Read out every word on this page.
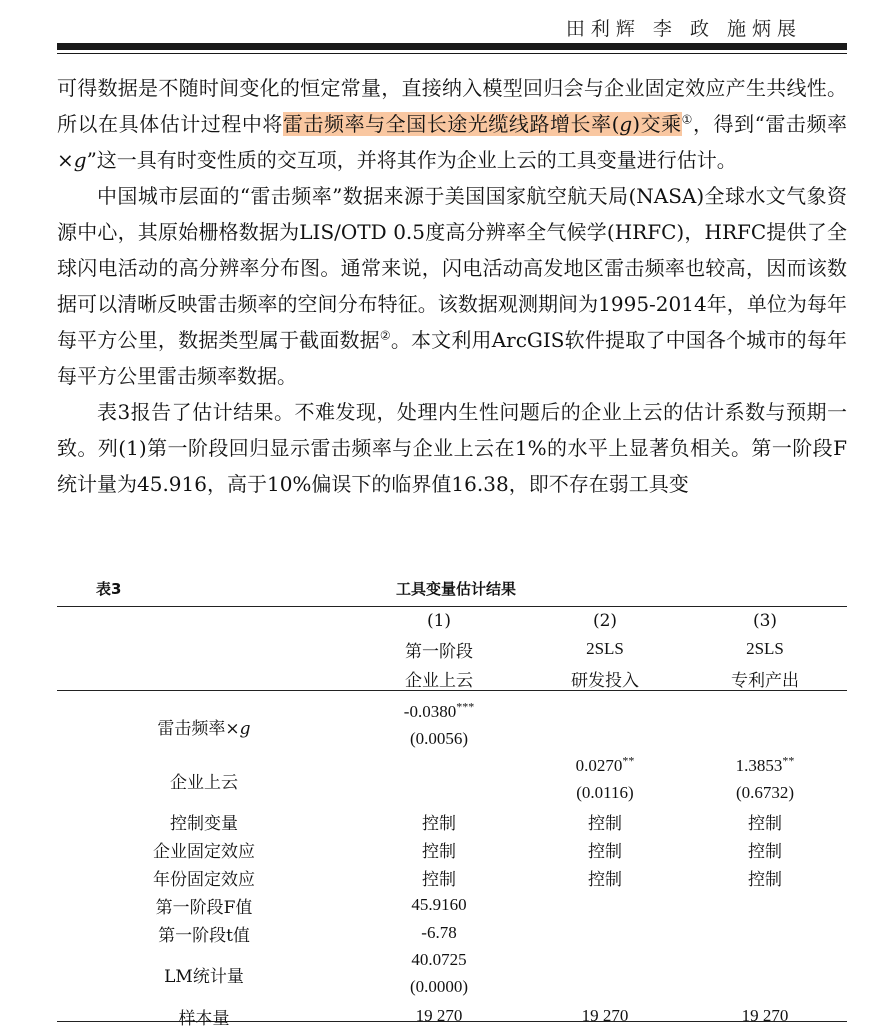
田利辉 李 政 施炳展

可得数据是不随时间变化的恒定常量，直接纳入模型回归会与企业固定效应产生共线性。所以在具体估计过程中将雷击频率与全国长途光缆线路增长率(g)交乘①，得到“雷击频率×g”这一具有时变性质的交互项，并将其作为企业上云的工具变量进行估计。

中国城市层面的“雷击频率”数据来源于美国国家航空航天局(NASA)全球水文气象资源中心，其原始栅格数据为LIS/OTD 0.5度高分辨率全气候学(HRFC)，HRFC提供了全球闪电活动的高分辨率分布图。通常来说，闪电活动高发地区雷击频率也较高，因而该数据可以清晰反映雷击频率的空间分布特征。该数据观测期间为1995-2014年，单位为每年每平方公里，数据类型属于截面数据②。本文利用ArcGIS软件提取了中国各个城市的每年每平方公里雷击频率数据。

表3报告了估计结果。不难发现，处理内生性问题后的企业上云的估计系数与预期一致。列(1)第一阶段回归显示雷击频率与企业上云在1%的水平上显著负相关。第一阶段F统计量为45.916，高于10%偏误下的临界值16.38，即不存在弱工具变

表3	工具变量估计结果
	(1)	(2)	(3)
	第一阶段	2SLS	2SLS
	企业上云	研发投入	专利产出

雷击频率×g	-0.0380***		
	(0.0056)		
企业上云		0.0270**	1.3853**
		(0.0116)	(0.6732)
控制变量	控制	控制	控制
企业固定效应	控制	控制	控制
年份固定效应	控制	控制	控制
第一阶段F值	45.9160		
第一阶段t值	-6.78		
LM统计量	40.0725		
	(0.0000)		
样本量	19 270	19 270	19 270
